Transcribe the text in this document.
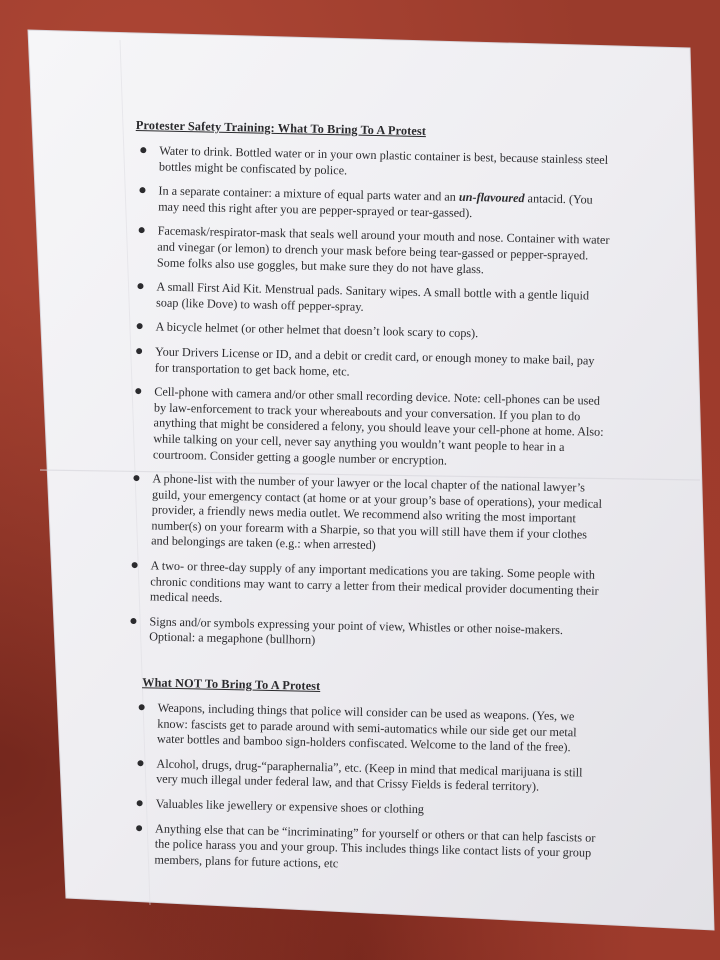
Protester Safety Training: What To Bring To A Protest
Water to drink. Bottled water or in your own plastic container is best, because stainless steel bottles might be confiscated by police.
In a separate container: a mixture of equal parts water and an un-flavoured antacid. (You may need this right after you are pepper-sprayed or tear-gassed).
Facemask/respirator-mask that seals well around your mouth and nose. Container with water and vinegar (or lemon) to drench your mask before being tear-gassed or pepper-sprayed. Some folks also use goggles, but make sure they do not have glass.
A small First Aid Kit. Menstrual pads. Sanitary wipes. A small bottle with a gentle liquid soap (like Dove) to wash off pepper-spray.
A bicycle helmet (or other helmet that doesn’t look scary to cops).
Your Drivers License or ID, and a debit or credit card, or enough money to make bail, pay for transportation to get back home, etc.
Cell-phone with camera and/or other small recording device. Note: cell-phones can be used by law-enforcement to track your whereabouts and your conversation. If you plan to do anything that might be considered a felony, you should leave your cell-phone at home. Also: while talking on your cell, never say anything you wouldn’t want people to hear in a courtroom. Consider getting a google number or encryption.
A phone-list with the number of your lawyer or the local chapter of the national lawyer’s guild, your emergency contact (at home or at your group’s base of operations), your medical provider, a friendly news media outlet. We recommend also writing the most important number(s) on your forearm with a Sharpie, so that you will still have them if your clothes and belongings are taken (e.g.: when arrested)
A two- or three-day supply of any important medications you are taking. Some people with chronic conditions may want to carry a letter from their medical provider documenting their medical needs.
Signs and/or symbols expressing your point of view, Whistles or other noise-makers. Optional: a megaphone (bullhorn)
What NOT To Bring To A Protest
Weapons, including things that police will consider can be used as weapons. (Yes, we know: fascists get to parade around with semi-automatics while our side get our metal water bottles and bamboo sign-holders confiscated. Welcome to the land of the free).
Alcohol, drugs, drug-“paraphernalia”, etc. (Keep in mind that medical marijuana is still very much illegal under federal law, and that Crissy Fields is federal territory).
Valuables like jewellery or expensive shoes or clothing
Anything else that can be “incriminating” for yourself or others or that can help fascists or the police harass you and your group. This includes things like contact lists of your group members, plans for future actions, etc
